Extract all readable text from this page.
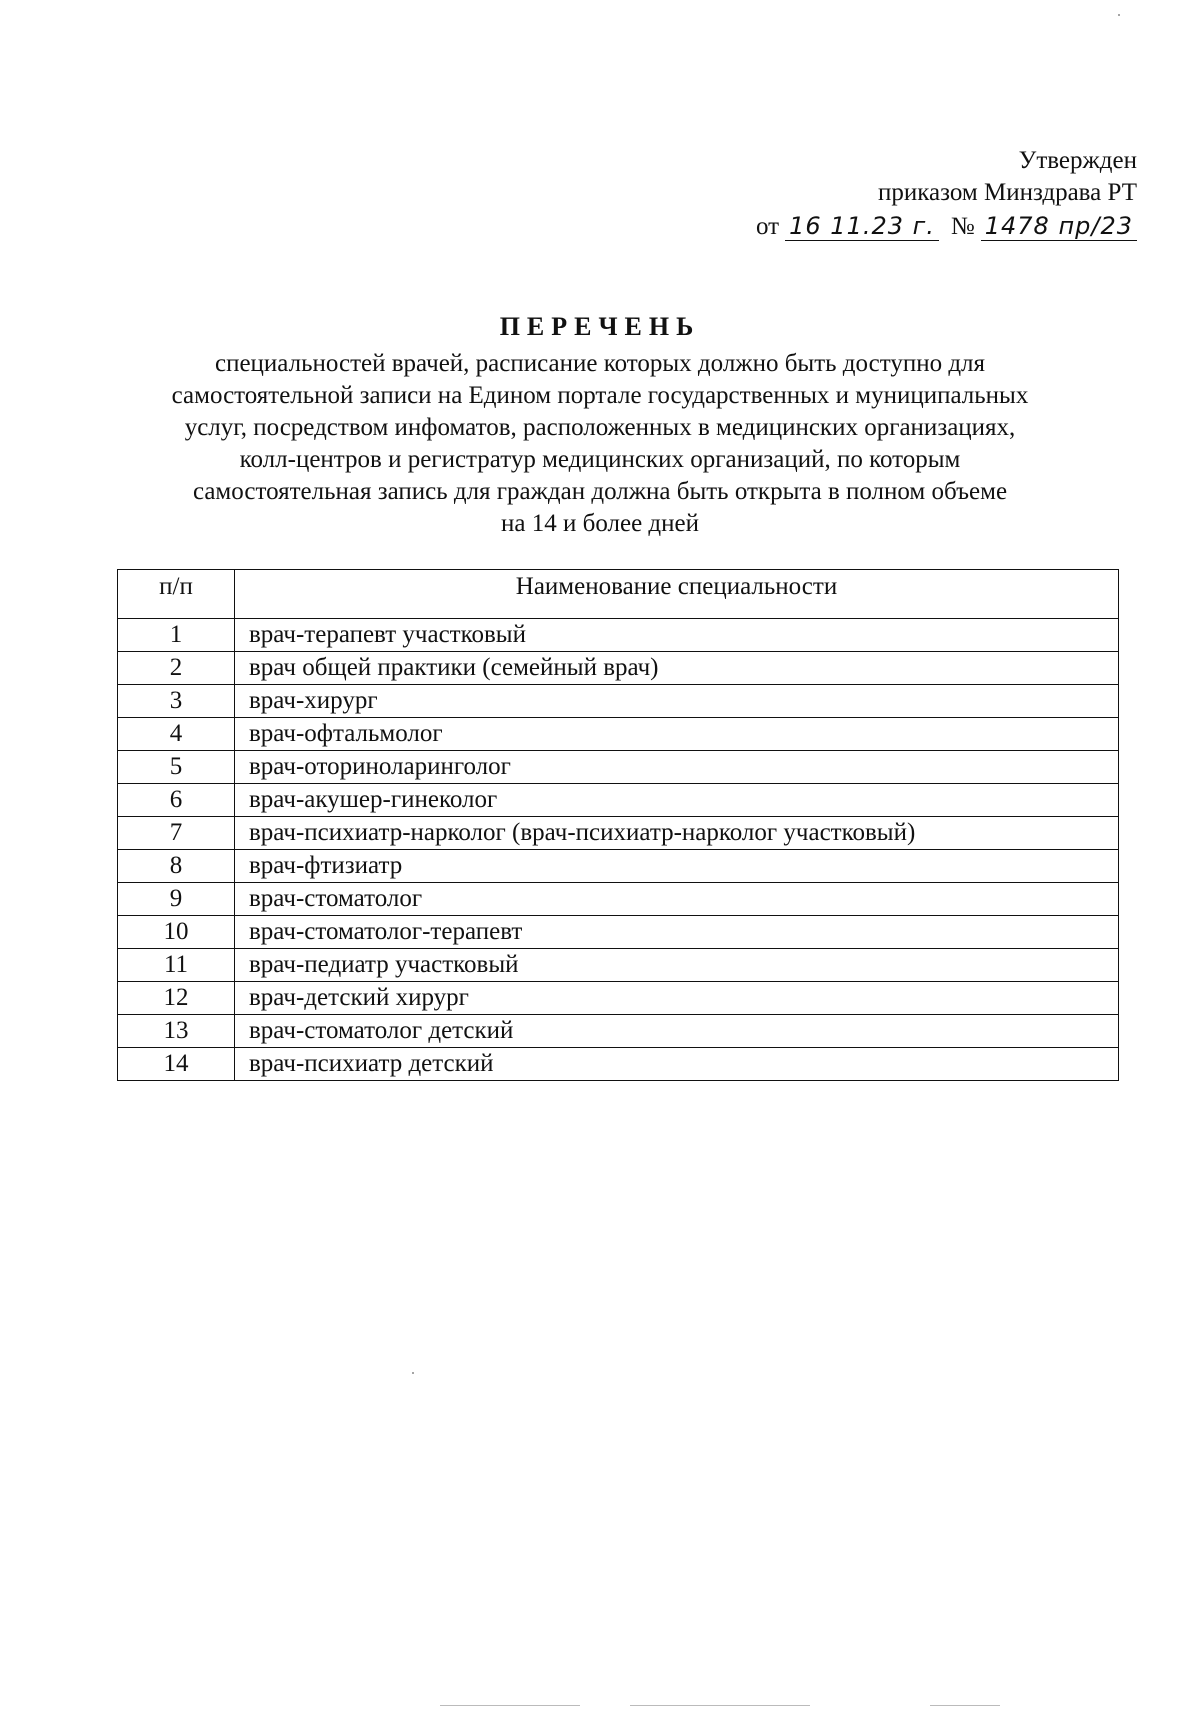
Утвержден
приказом Минздрава РТ
от 16 11.23 г. № 1478 пр/23
ПЕРЕЧЕНЬ

специальностей врачей, расписание которых должно быть доступно для
самостоятельной записи на Едином портале государственных и муниципальных
услуг, посредством инфоматов, расположенных в медицинских организациях,
колл-центров и регистратур медицинских организаций, по которым
самостоятельная запись для граждан должна быть открыта в полном объеме
на 14 и более дней

п/п	Наименование специальности
1	врач-терапевт участковый
2	врач общей практики (семейный врач)
3	врач-хирург
4	врач-офтальмолог
5	врач-оториноларинголог
6	врач-акушер-гинеколог
7	врач-психиатр-нарколог (врач-психиатр-нарколог участковый)
8	врач-фтизиатр
9	врач-стоматолог
10	врач-стоматолог-терапевт
11	врач-педиатр участковый
12	врач-детский хирург
13	врач-стоматолог детский
14	врач-психиатр детский
